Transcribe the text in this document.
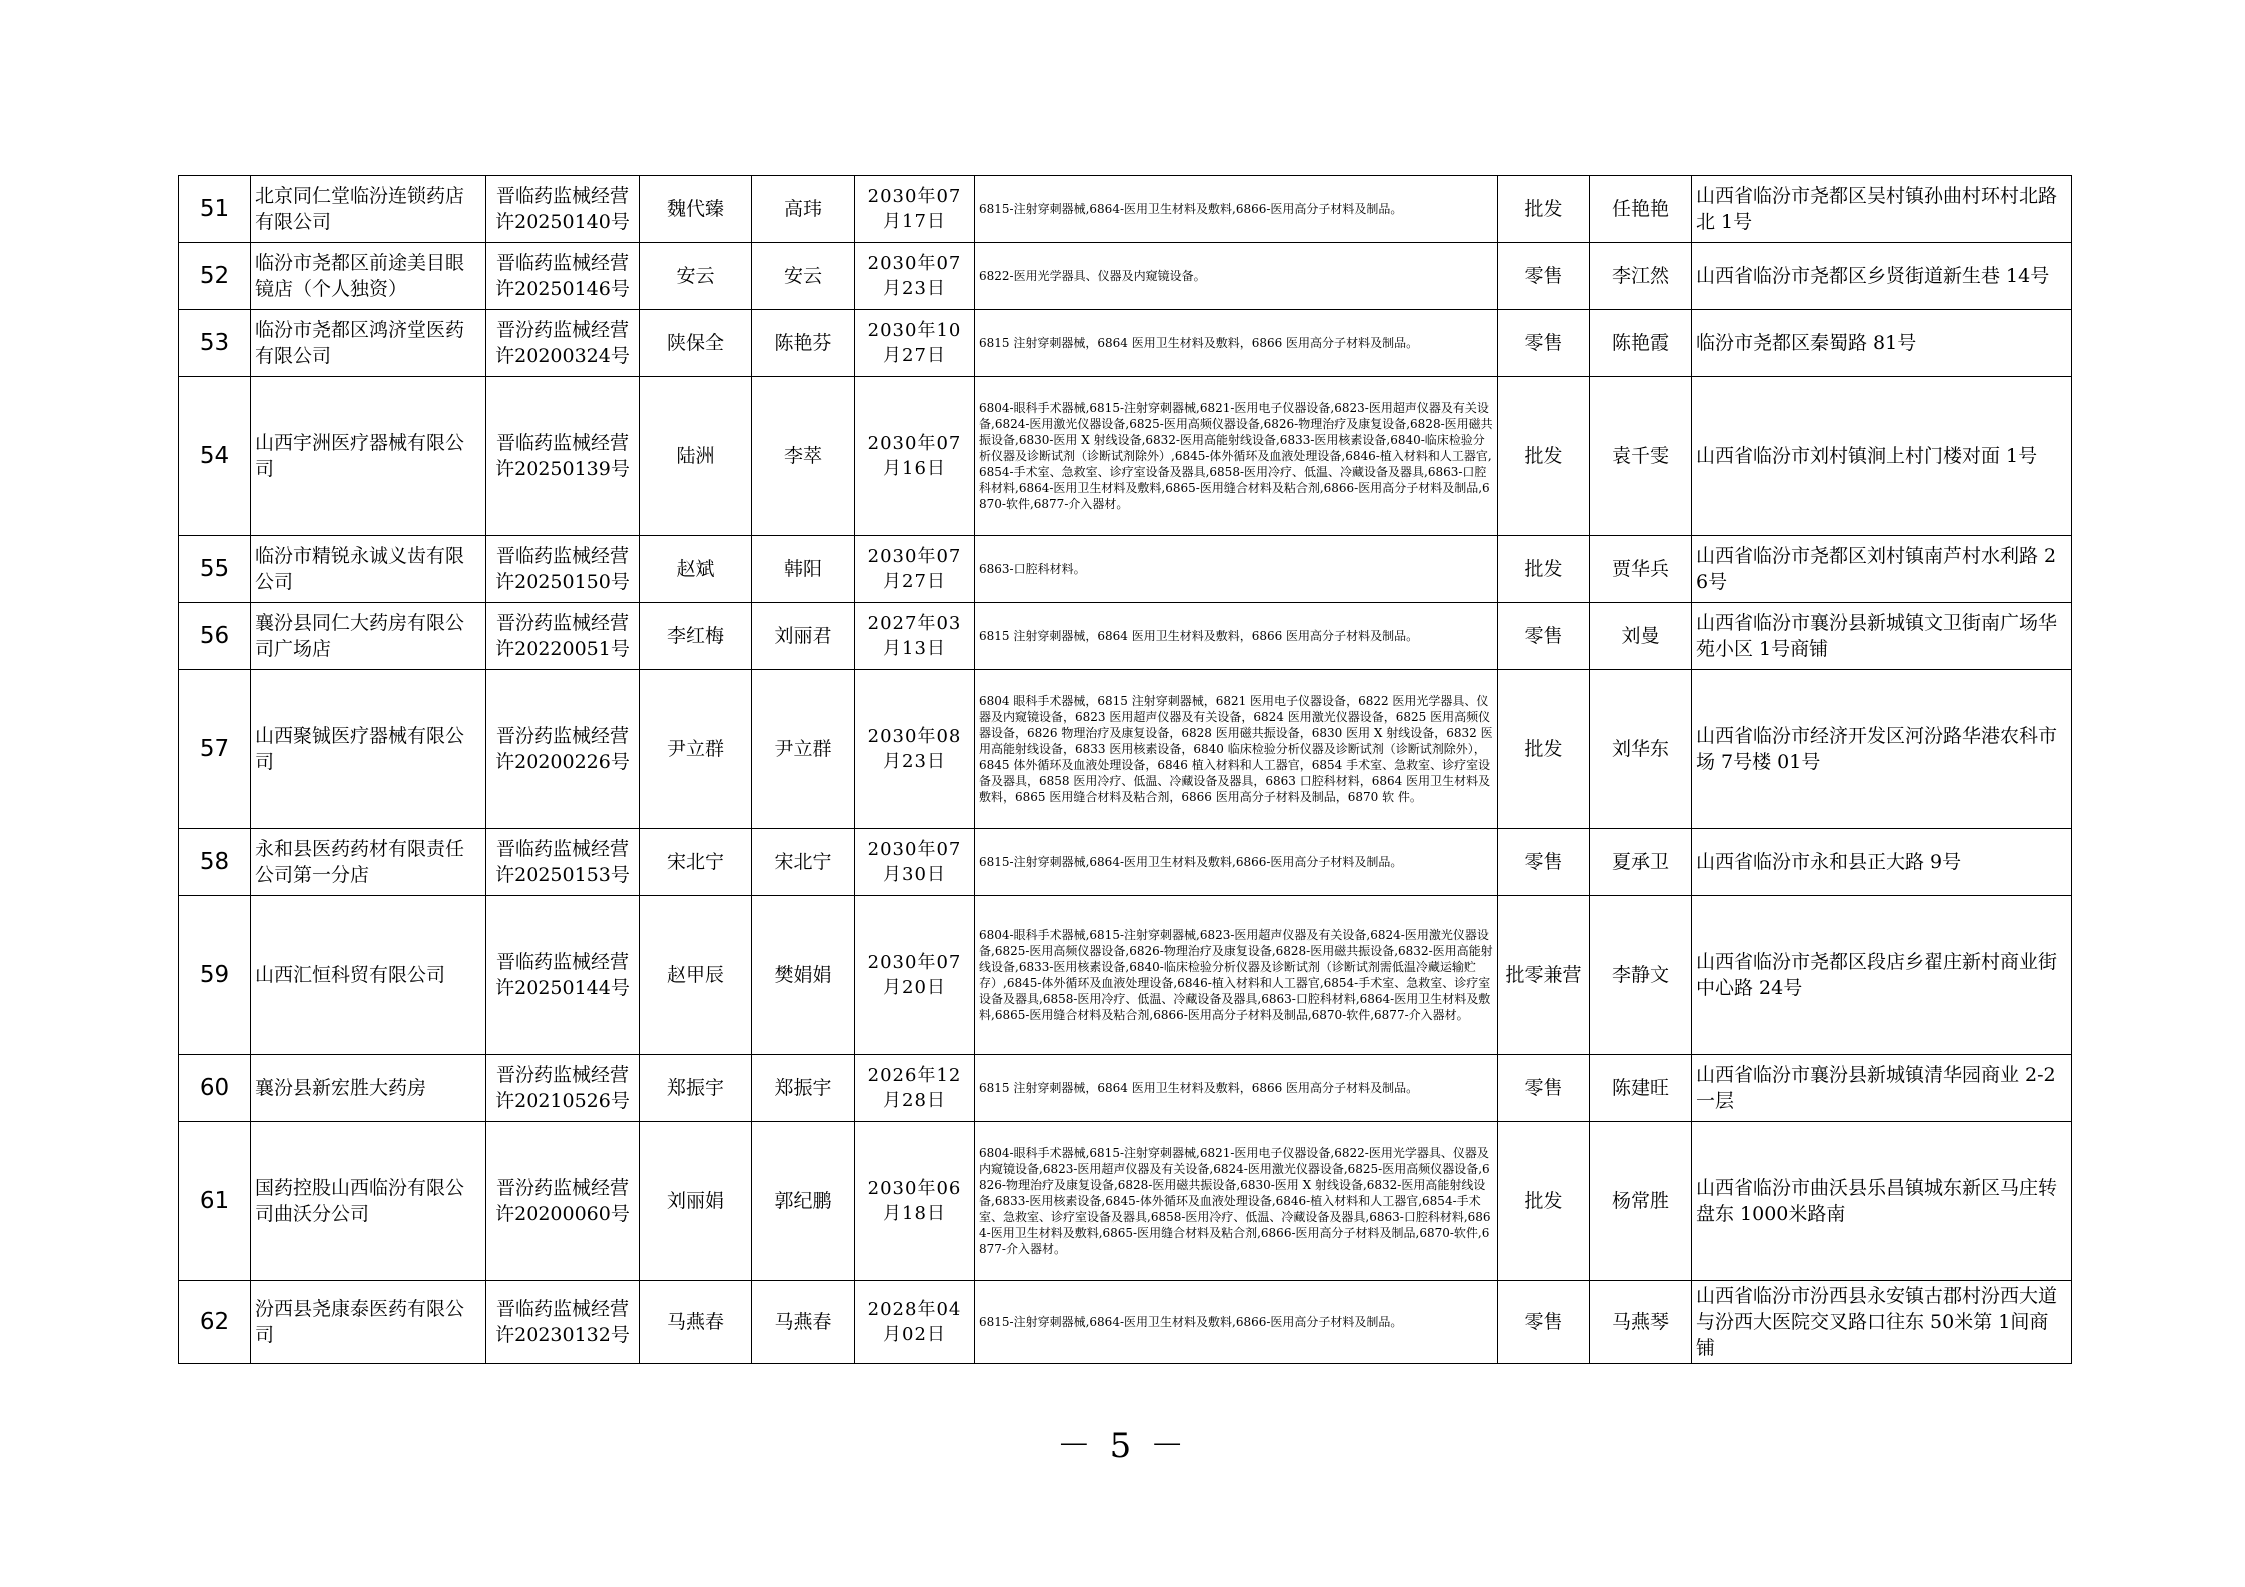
51	北京同仁堂临汾连锁药店有限公司	晋临药监械经营许20250140号	魏代臻	高玮	2030年07月17日	6815-注射穿刺器械,6864-医用卫生材料及敷料,6866-医用高分子材料及制品。	批发	任艳艳	山西省临汾市尧都区吴村镇孙曲村环村北路北 1号
52	临汾市尧都区前途美目眼镜店（个人独资）	晋临药监械经营许20250146号	安云	安云	2030年07月23日	6822-医用光学器具、仪器及内窥镜设备。	零售	李江然	山西省临汾市尧都区乡贤街道新生巷 14号
53	临汾市尧都区鸿济堂医药有限公司	晋汾药监械经营许20200324号	陕保全	陈艳芬	2030年10月27日	6815 注射穿刺器械，6864 医用卫生材料及敷料，6866 医用高分子材料及制品。	零售	陈艳霞	临汾市尧都区秦蜀路 81号
54	山西宇洲医疗器械有限公司	晋临药监械经营许20250139号	陆洲	李萃	2030年07月16日	6804-眼科手术器械,6815-注射穿刺器械,6821-医用电子仪器设备,6823-医用超声仪器及有关设备,6824-医用激光仪器设备,6825-医用高频仪器设备,6826-物理治疗及康复设备,6828-医用磁共振设备,6830-医用 X 射线设备,6832-医用高能射线设备,6833-医用核素设备,6840-临床检验分析仪器及诊断试剂（诊断试剂除外）,6845-体外循环及血液处理设备,6846-植入材料和人工器官,6854-手术室、急救室、诊疗室设备及器具,6858-医用冷疗、低温、冷藏设备及器具,6863-口腔科材料,6864-医用卫生材料及敷料,6865-医用缝合材料及粘合剂,6866-医用高分子材料及制品,6870-软件,6877-介入器材。	批发	袁千雯	山西省临汾市刘村镇涧上村门楼对面 1号
55	临汾市精锐永诚义齿有限公司	晋临药监械经营许20250150号	赵斌	韩阳	2030年07月27日	6863-口腔科材料。	批发	贾华兵	山西省临汾市尧都区刘村镇南芦村水利路 26号
56	襄汾县同仁大药房有限公司广场店	晋汾药监械经营许20220051号	李红梅	刘丽君	2027年03月13日	6815 注射穿刺器械，6864 医用卫生材料及敷料，6866 医用高分子材料及制品。	零售	刘曼	山西省临汾市襄汾县新城镇文卫街南广场华苑小区 1号商铺
57	山西聚铖医疗器械有限公司	晋汾药监械经营许20200226号	尹立群	尹立群	2030年08月23日	6804 眼科手术器械，6815 注射穿刺器械，6821 医用电子仪器设备，6822 医用光学器具、仪器及内窥镜设备，6823 医用超声仪器及有关设备，6824 医用激光仪器设备，6825 医用高频仪器设备，6826 物理治疗及康复设备，6828 医用磁共振设备，6830 医用 X 射线设备，6832 医用高能射线设备，6833 医用核素设备，6840 临床检验分析仪器及诊断试剂（诊断试剂除外），6845 体外循环及血液处理设备，6846 植入材料和人工器官，6854 手术室、急救室、诊疗室设备及器具，6858 医用冷疗、低温、冷藏设备及器具，6863 口腔科材料，6864 医用卫生材料及敷料，6865 医用缝合材料及粘合剂，6866 医用高分子材料及制品，6870 软 件。	批发	刘华东	山西省临汾市经济开发区河汾路华港农科市场 7号楼 01号
58	永和县医药药材有限责任公司第一分店	晋临药监械经营许20250153号	宋北宁	宋北宁	2030年07月30日	6815-注射穿刺器械,6864-医用卫生材料及敷料,6866-医用高分子材料及制品。	零售	夏承卫	山西省临汾市永和县正大路 9号
59	山西汇恒科贸有限公司	晋临药监械经营许20250144号	赵甲辰	樊娟娟	2030年07月20日	6804-眼科手术器械,6815-注射穿刺器械,6823-医用超声仪器及有关设备,6824-医用激光仪器设备,6825-医用高频仪器设备,6826-物理治疗及康复设备,6828-医用磁共振设备,6832-医用高能射线设备,6833-医用核素设备,6840-临床检验分析仪器及诊断试剂（诊断试剂需低温冷藏运输贮存）,6845-体外循环及血液处理设备,6846-植入材料和人工器官,6854-手术室、急救室、诊疗室设备及器具,6858-医用冷疗、低温、冷藏设备及器具,6863-口腔科材料,6864-医用卫生材料及敷料,6865-医用缝合材料及粘合剂,6866-医用高分子材料及制品,6870-软件,6877-介入器材。	批零兼营	李静文	山西省临汾市尧都区段店乡翟庄新村商业街中心路 24号
60	襄汾县新宏胜大药房	晋汾药监械经营许20210526号	郑振宇	郑振宇	2026年12月28日	6815 注射穿刺器械，6864 医用卫生材料及敷料，6866 医用高分子材料及制品。	零售	陈建旺	山西省临汾市襄汾县新城镇清华园商业 2-2一层
61	国药控股山西临汾有限公司曲沃分公司	晋汾药监械经营许20200060号	刘丽娟	郭纪鹏	2030年06月18日	6804-眼科手术器械,6815-注射穿刺器械,6821-医用电子仪器设备,6822-医用光学器具、仪器及内窥镜设备,6823-医用超声仪器及有关设备,6824-医用激光仪器设备,6825-医用高频仪器设备,6826-物理治疗及康复设备,6828-医用磁共振设备,6830-医用 X 射线设备,6832-医用高能射线设备,6833-医用核素设备,6845-体外循环及血液处理设备,6846-植入材料和人工器官,6854-手术室、急救室、诊疗室设备及器具,6858-医用冷疗、低温、冷藏设备及器具,6863-口腔科材料,6864-医用卫生材料及敷料,6865-医用缝合材料及粘合剂,6866-医用高分子材料及制品,6870-软件,6877-介入器材。	批发	杨常胜	山西省临汾市曲沃县乐昌镇城东新区马庄转盘东 1000米路南
62	汾西县尧康泰医药有限公司	晋临药监械经营许20230132号	马燕春	马燕春	2028年04月02日	6815-注射穿刺器械,6864-医用卫生材料及敷料,6866-医用高分子材料及制品。	零售	马燕琴	山西省临汾市汾西县永安镇古郡村汾西大道与汾西大医院交叉路口往东 50米第 1间商铺
－ 5 －
